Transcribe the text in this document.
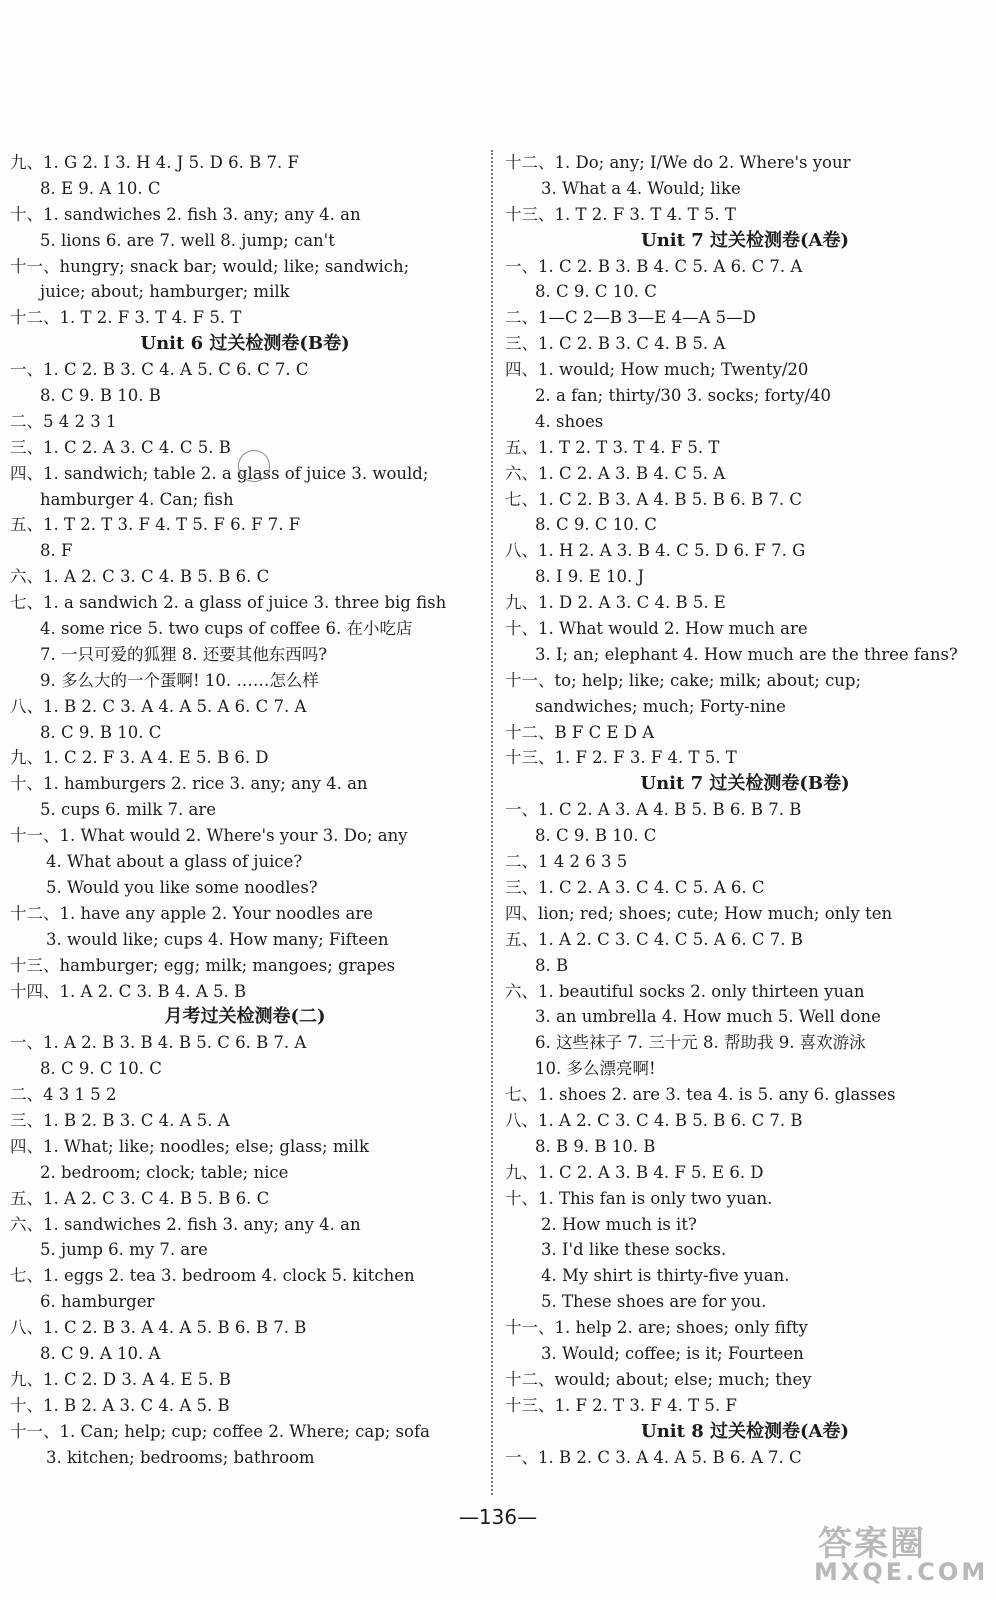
九、1. G 2. I 3. H 4. J 5. D 6. B 7. F
8. E 9. A 10. C
十、1. sandwiches 2. fish 3. any; any 4. an
5. lions 6. are 7. well 8. jump; can't
十一、hungry; snack bar; would; like; sandwich;
juice; about; hamburger; milk
十二、1. T 2. F 3. T 4. F 5. T
Unit 6 过关检测卷(B卷)
一、1. C 2. B 3. C 4. A 5. C 6. C 7. C
8. C 9. B 10. B
二、5 4 2 3 1
三、1. C 2. A 3. C 4. C 5. B
四、1. sandwich; table 2. a glass of juice 3. would;
hamburger 4. Can; fish
五、1. T 2. T 3. F 4. T 5. F 6. F 7. F
8. F
六、1. A 2. C 3. C 4. B 5. B 6. C
七、1. a sandwich 2. a glass of juice 3. three big fish
4. some rice 5. two cups of coffee 6. 在小吃店
7. 一只可爱的狐狸 8. 还要其他东西吗?
9. 多么大的一个蛋啊! 10. ……怎么样
八、1. B 2. C 3. A 4. A 5. A 6. C 7. A
8. C 9. B 10. C
九、1. C 2. F 3. A 4. E 5. B 6. D
十、1. hamburgers 2. rice 3. any; any 4. an
5. cups 6. milk 7. are
十一、1. What would 2. Where's your 3. Do; any
4. What about a glass of juice?
5. Would you like some noodles?
十二、1. have any apple 2. Your noodles are
3. would like; cups 4. How many; Fifteen
十三、hamburger; egg; milk; mangoes; grapes
十四、1. A 2. C 3. B 4. A 5. B
月考过关检测卷(二)
一、1. A 2. B 3. B 4. B 5. C 6. B 7. A
8. C 9. C 10. C
二、4 3 1 5 2
三、1. B 2. B 3. C 4. A 5. A
四、1. What; like; noodles; else; glass; milk
2. bedroom; clock; table; nice
五、1. A 2. C 3. C 4. B 5. B 6. C
六、1. sandwiches 2. fish 3. any; any 4. an
5. jump 6. my 7. are
七、1. eggs 2. tea 3. bedroom 4. clock 5. kitchen
6. hamburger
八、1. C 2. B 3. A 4. A 5. B 6. B 7. B
8. C 9. A 10. A
九、1. C 2. D 3. A 4. E 5. B
十、1. B 2. A 3. C 4. A 5. B
十一、1. Can; help; cup; coffee 2. Where; cap; sofa
3. kitchen; bedrooms; bathroom
十二、1. Do; any; I/We do 2. Where's your
3. What a 4. Would; like
十三、1. T 2. F 3. T 4. T 5. T
Unit 7 过关检测卷(A卷)
一、1. C 2. B 3. B 4. C 5. A 6. C 7. A
8. C 9. C 10. C
二、1—C 2—B 3—E 4—A 5—D
三、1. C 2. B 3. C 4. B 5. A
四、1. would; How much; Twenty/20
2. a fan; thirty/30 3. socks; forty/40
4. shoes
五、1. T 2. T 3. T 4. F 5. T
六、1. C 2. A 3. B 4. C 5. A
七、1. C 2. B 3. A 4. B 5. B 6. B 7. C
8. C 9. C 10. C
八、1. H 2. A 3. B 4. C 5. D 6. F 7. G
8. I 9. E 10. J
九、1. D 2. A 3. C 4. B 5. E
十、1. What would 2. How much are
3. I; an; elephant 4. How much are the three fans?
十一、to; help; like; cake; milk; about; cup;
sandwiches; much; Forty-nine
十二、B F C E D A
十三、1. F 2. F 3. F 4. T 5. T
Unit 7 过关检测卷(B卷)
一、1. C 2. A 3. A 4. B 5. B 6. B 7. B
8. C 9. B 10. C
二、1 4 2 6 3 5
三、1. C 2. A 3. C 4. C 5. A 6. C
四、lion; red; shoes; cute; How much; only ten
五、1. A 2. C 3. C 4. C 5. A 6. C 7. B
8. B
六、1. beautiful socks 2. only thirteen yuan
3. an umbrella 4. How much 5. Well done
6. 这些袜子 7. 三十元 8. 帮助我 9. 喜欢游泳
10. 多么漂亮啊!
七、1. shoes 2. are 3. tea 4. is 5. any 6. glasses
八、1. A 2. C 3. C 4. B 5. B 6. C 7. B
8. B 9. B 10. B
九、1. C 2. A 3. B 4. F 5. E 6. D
十、1. This fan is only two yuan.
2. How much is it?
3. I'd like these socks.
4. My shirt is thirty-five yuan.
5. These shoes are for you.
十一、1. help 2. are; shoes; only fifty
3. Would; coffee; is it; Fourteen
十二、would; about; else; much; they
十三、1. F 2. T 3. F 4. T 5. F
Unit 8 过关检测卷(A卷)
一、1. B 2. C 3. A 4. A 5. B 6. A 7. C
—136—
答案圈
MXQE.COM
